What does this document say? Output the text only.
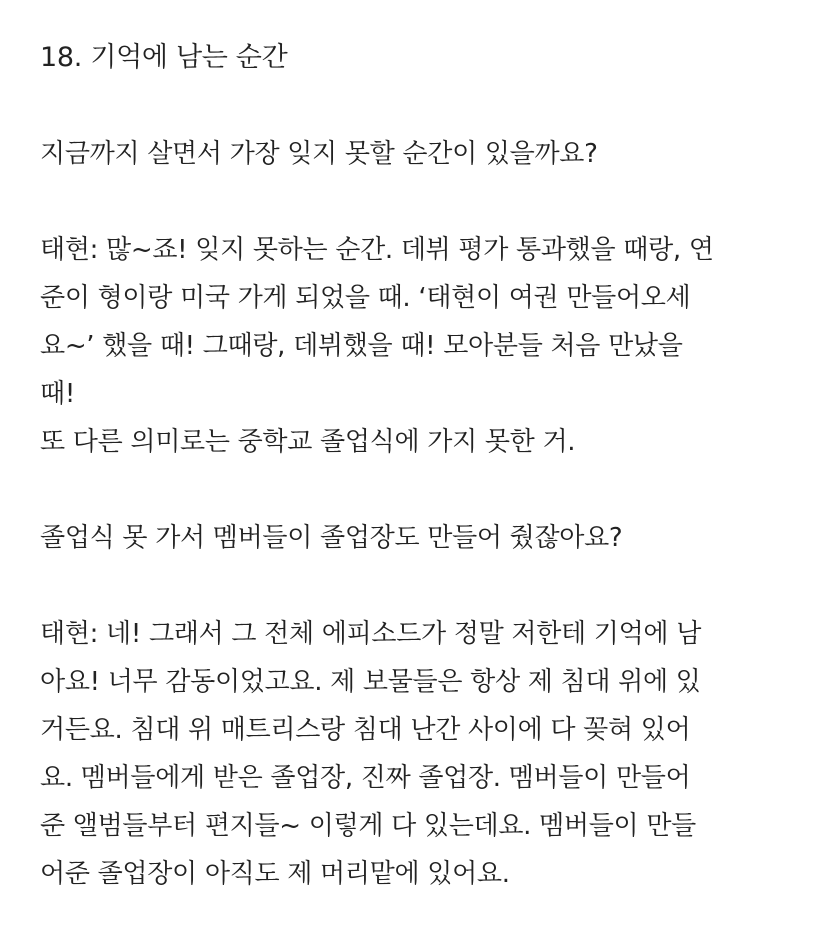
18. 기억에 남는 순간

지금까지 살면서 가장 잊지 못할 순간이 있을까요?

태현: 많~죠! 잊지 못하는 순간. 데뷔 평가 통과했을 때랑, 연
준이 형이랑 미국 가게 되었을 때. ‘태현이 여권 만들어오세
요~’ 했을 때! 그때랑, 데뷔했을 때! 모아분들 처음 만났을
때!
또 다른 의미로는 중학교 졸업식에 가지 못한 거.

졸업식 못 가서 멤버들이 졸업장도 만들어 줬잖아요?

태현: 네! 그래서 그 전체 에피소드가 정말 저한테 기억에 남
아요! 너무 감동이었고요. 제 보물들은 항상 제 침대 위에 있
거든요. 침대 위 매트리스랑 침대 난간 사이에 다 꽂혀 있어
요. 멤버들에게 받은 졸업장, 진짜 졸업장. 멤버들이 만들어
준 앨범들부터 편지들~ 이렇게 다 있는데요. 멤버들이 만들
어준 졸업장이 아직도 제 머리맡에 있어요.
